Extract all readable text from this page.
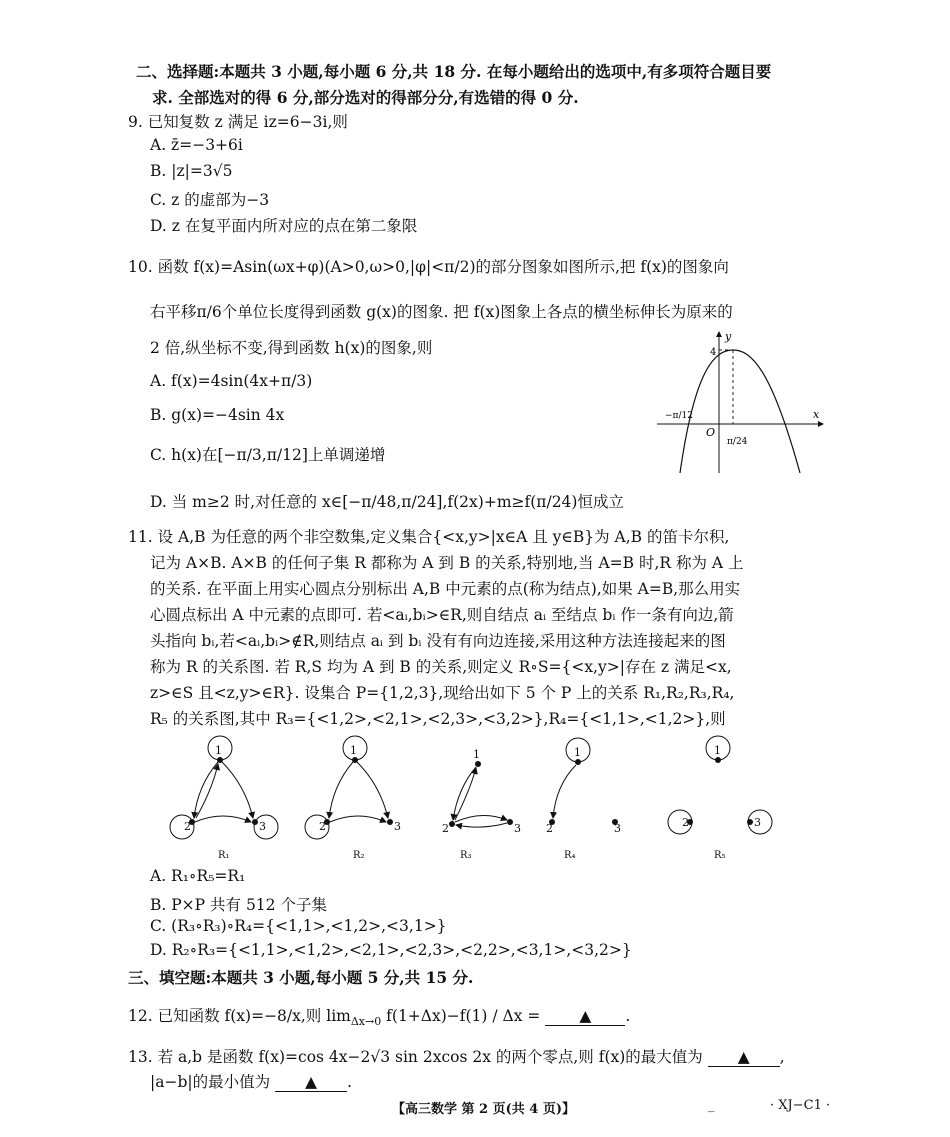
二、选择题:本题共 3 小题,每小题 6 分,共 18 分. 在每小题给出的选项中,有多项符合题目要
求. 全部选对的得 6 分,部分选对的得部分分,有选错的得 0 分.
9. 已知复数 z 满足 iz=6−3i,则
A. z̄=−3+6i
B. |z|=3√5
C. z 的虚部为−3
D. z 在复平面内所对应的点在第二象限
10. 函数 f(x)=Asin(ωx+φ)(A>0,ω>0,|φ|<π/2)的部分图象如图所示,把 f(x)的图象向
右平移π/6个单位长度得到函数 g(x)的图象. 把 f(x)图象上各点的横坐标伸长为原来的
2 倍,纵坐标不变,得到函数 h(x)的图象,则
A. f(x)=4sin(4x+π/3)
B. g(x)=−4sin 4x
C. h(x)在[−π/3,π/12]上单调递增
D. 当 m≥2 时,对任意的 x∈[−π/48,π/24],f(2x)+m≥f(π/24)恒成立
y
x
O
4
−π/12
π/24
11. 设 A,B 为任意的两个非空数集,定义集合{<x,y>|x∈A 且 y∈B}为 A,B 的笛卡尔积,
记为 A×B. A×B 的任何子集 R 都称为 A 到 B 的关系,特别地,当 A=B 时,R 称为 A 上
的关系. 在平面上用实心圆点分别标出 A,B 中元素的点(称为结点),如果 A=B,那么用实
心圆点标出 A 中元素的点即可. 若<aᵢ,bᵢ>∈R,则自结点 aᵢ 至结点 bᵢ 作一条有向边,箭
头指向 bᵢ,若<aᵢ,bᵢ>∉R,则结点 aᵢ 到 bᵢ 没有有向边连接,采用这种方法连接起来的图
称为 R 的关系图. 若 R,S 均为 A 到 B 的关系,则定义 R∘S={<x,y>|存在 z 满足<x,
z>∈S 且<z,y>∈R}. 设集合 P={1,2,3},现给出如下 5 个 P 上的关系 R₁,R₂,R₃,R₄,
R₅ 的关系图,其中 R₃={<1,2>,<2,1>,<2,3>,<3,2>},R₄={<1,1>,<1,2>},则
1
2	3
R₁
1
2	3
R₂
1
2	3
R₃
1
2	3
R₄
1
2	3
R₅
A. R₁∘R₅=R₁
B. P×P 共有 512 个子集
C. (R₃∘R₃)∘R₄={<1,1>,<1,2>,<3,1>}
D. R₂∘R₃={<1,1>,<1,2>,<2,1>,<2,3>,<2,2>,<3,1>,<3,2>}
三、填空题:本题共 3 小题,每小题 5 分,共 15 分.
12. 已知函数 f(x)=−8/x,则 $\lim_{\Delta x\to 0} f(1+\Delta x)-f(1) / \Delta x$ =	▲ .
13. 若 a,b 是函数 f(x)=cos 4x−2√3 sin 2xcos 2x 的两个零点,则 f(x)的最大值为 ▲ ,
|a−b|的最小值为 ▲ .
【高三数学 第 2 页(共 4 页)】	_	· XJ−C1 ·
